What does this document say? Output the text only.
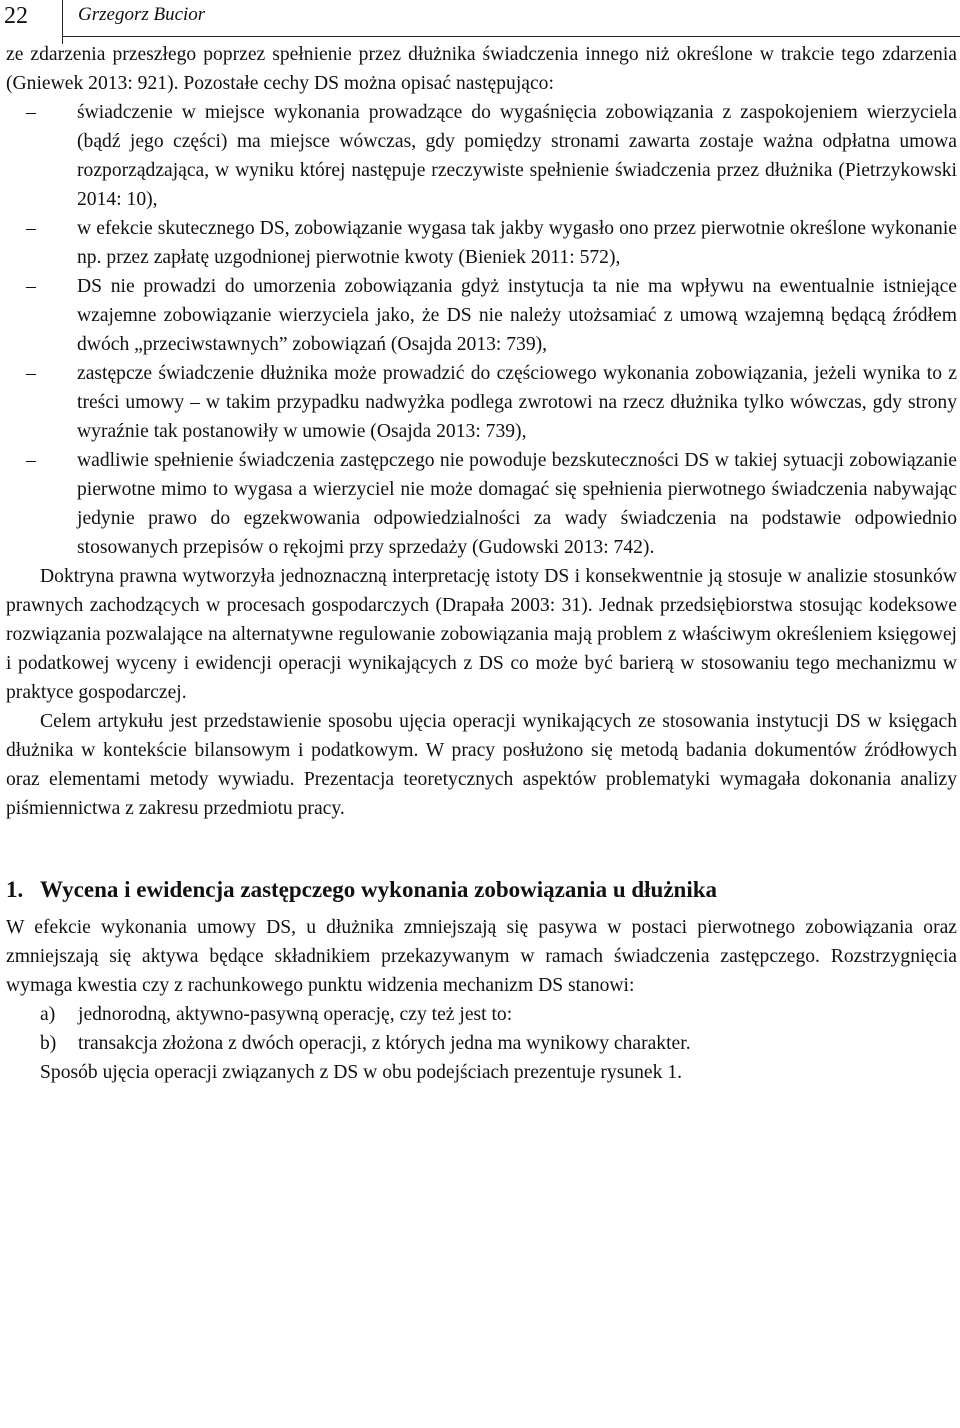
22	Grzegorz Bucior

ze zdarzenia przeszłego poprzez spełnienie przez dłużnika świadczenia innego niż określone w trakcie tego zdarzenia (Gniewek 2013: 921). Pozostałe cechy DS można opisać następująco:

– świadczenie w miejsce wykonania prowadzące do wygaśnięcia zobowiązania z zaspokojeniem wierzyciela (bądź jego części) ma miejsce wówczas, gdy pomiędzy stronami zawarta zostaje ważna odpłatna umowa rozporządzająca, w wyniku której następuje rzeczywiste spełnienie świadczenia przez dłużnika (Pietrzykowski 2014: 10),
– w efekcie skutecznego DS, zobowiązanie wygasa tak jakby wygasło ono przez pierwotnie określone wykonanie np. przez zapłatę uzgodnionej pierwotnie kwoty (Bieniek 2011: 572),
– DS nie prowadzi do umorzenia zobowiązania gdyż instytucja ta nie ma wpływu na ewentualnie istniejące wzajemne zobowiązanie wierzyciela jako, że DS nie należy utożsamiać z umową wzajemną będącą źródłem dwóch „przeciwstawnych” zobowiązań (Osajda 2013: 739),
– zastępcze świadczenie dłużnika może prowadzić do częściowego wykonania zobowiązania, jeżeli wynika to z treści umowy – w takim przypadku nadwyżka podlega zwrotowi na rzecz dłużnika tylko wówczas, gdy strony wyraźnie tak postanowiły w umowie (Osajda 2013: 739),
– wadliwie spełnienie świadczenia zastępczego nie powoduje bezskuteczności DS w takiej sytuacji zobowiązanie pierwotne mimo to wygasa a wierzyciel nie może domagać się spełnienia pierwotnego świadczenia nabywając jedynie prawo do egzekwowania odpowiedzialności za wady świadczenia na podstawie odpowiednio stosowanych przepisów o rękojmi przy sprzedaży (Gudowski 2013: 742).

Doktryna prawna wytworzyła jednoznaczną interpretację istoty DS i konsekwentnie ją stosuje w analizie stosunków prawnych zachodzących w procesach gospodarczych (Drapała 2003: 31). Jednak przedsiębiorstwa stosując kodeksowe rozwiązania pozwalające na alternatywne regulowanie zobowiązania mają problem z właściwym określeniem księgowej i podatkowej wyceny i ewidencji operacji wynikających z DS co może być barierą w stosowaniu tego mechanizmu w praktyce gospodarczej.

Celem artykułu jest przedstawienie sposobu ujęcia operacji wynikających ze stosowania instytucji DS w księgach dłużnika w kontekście bilansowym i podatkowym. W pracy posłużono się metodą badania dokumentów źródłowych oraz elementami metody wywiadu. Prezentacja teoretycznych aspektów problematyki wymagała dokonania analizy piśmiennictwa z zakresu przedmiotu pracy.

1. Wycena i ewidencja zastępczego wykonania zobowiązania u dłużnika

W efekcie wykonania umowy DS, u dłużnika zmniejszają się pasywa w postaci pierwotnego zobowiązania oraz zmniejszają się aktywa będące składnikiem przekazywanym w ramach świadczenia zastępczego. Rozstrzygnięcia wymaga kwestia czy z rachunkowego punktu widzenia mechanizm DS stanowi:

a) jednorodną, aktywno-pasywną operację, czy też jest to:
b) transakcja złożona z dwóch operacji, z których jedna ma wynikowy charakter.

Sposób ujęcia operacji związanych z DS w obu podejściach prezentuje rysunek 1.
